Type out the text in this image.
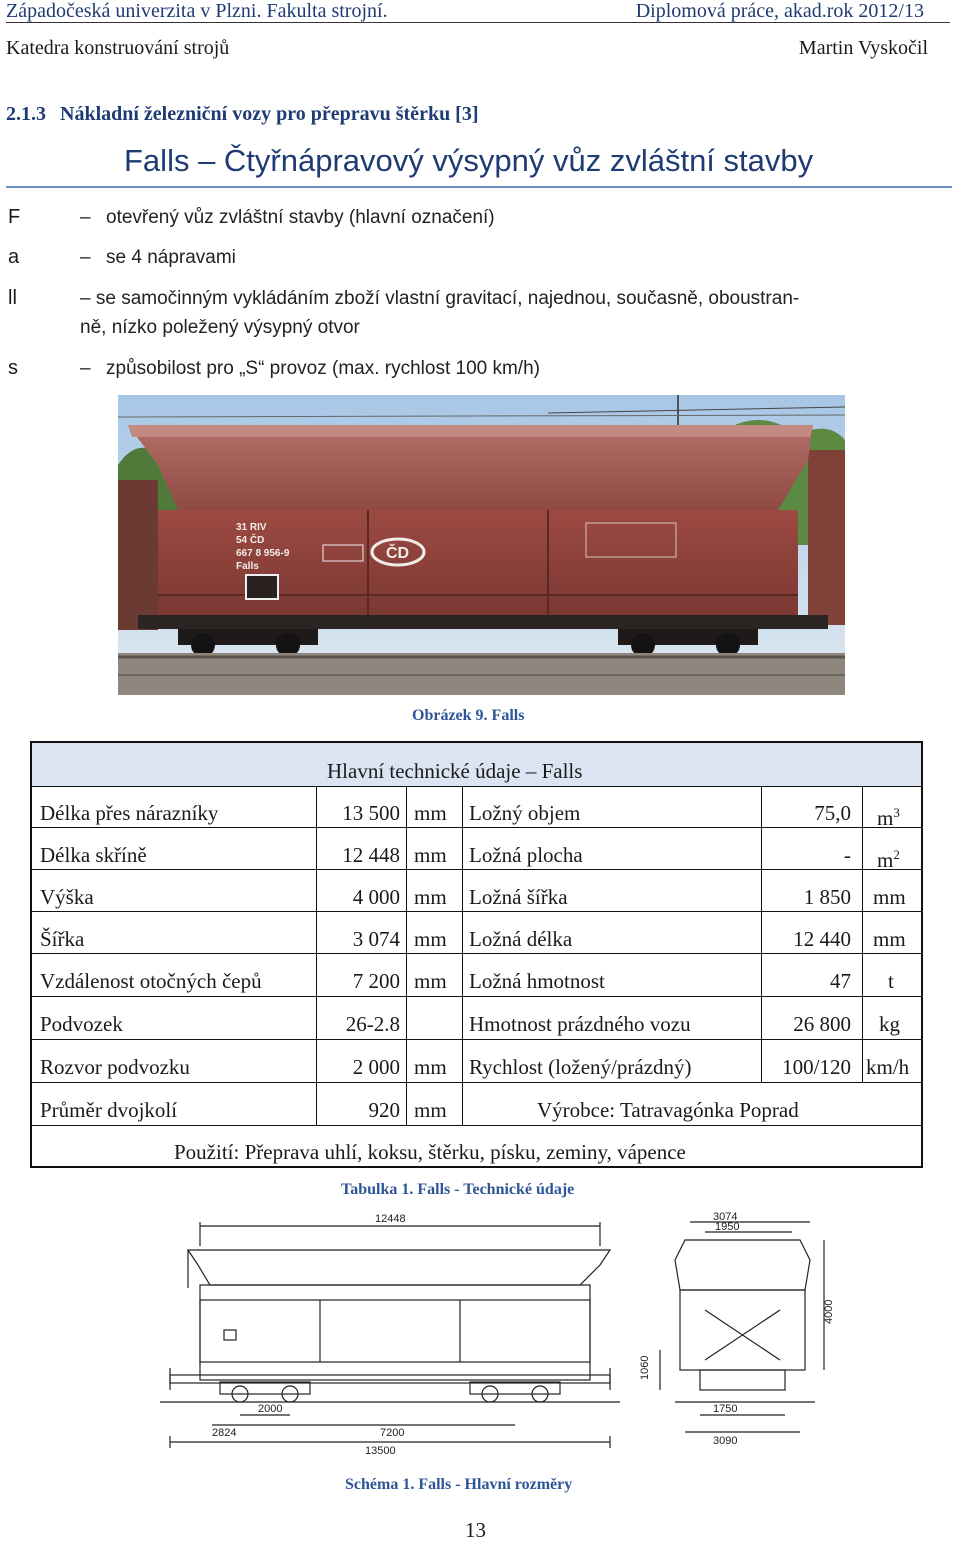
Západočeská univerzita v Plzni. Fakulta strojní.	Diplomová práce, akad.rok 2012/13
Katedra konstruování strojů	Martin Vyskočil
2.1.3 Nákladní železniční vozy pro přepravu štěrku [3]
Falls – Čtyřnápravový výsypný vůz zvláštní stavby
F	– otevřený vůz zvláštní stavby (hlavní označení)
a	– se 4 nápravami
ll	– se samočinným vykládáním zboží vlastní gravitací, najednou, současně, oboustran-
ně, nízko poležený výsypný otvor
s	– způsobilost pro „S“ provoz (max. rychlost 100 km/h)
31 RIV
54 ČD
667 8 956-9
Falls
ČD
Obrázek 9. Falls
Hlavní technické údaje – Falls
Délka přes nárazníky	13 500 mm Ložný objem	75,0 $m^3$
Délka skříně	12 448 mm Ložná plocha	- $m^2$
Výška	4 000 mm Ložná šířka	1 850 mm
Šířka	3 074 mm Ložná délka	12 440 mm
Vzdálenost otočných čepů	7 200 mm Ložná hmotnost	47 t
Podvozek	26-2.8	Hmotnost prázdného vozu	26 800 kg
Rozvor podvozku	2 000 mm Rychlost (ložený/prázdný)	100/120 km/h
Průměr dvojkolí	920 mm	Výrobce: Tatravagónka Poprad
Použití: Přeprava uhlí, koksu, štěrku, písku, zeminy, vápence
Tabulka 1. Falls - Technické údaje
12448
2000
2824	7200
13500
3074
1950
4000
1060
1750
3090
Schéma 1. Falls - Hlavní rozměry
13
